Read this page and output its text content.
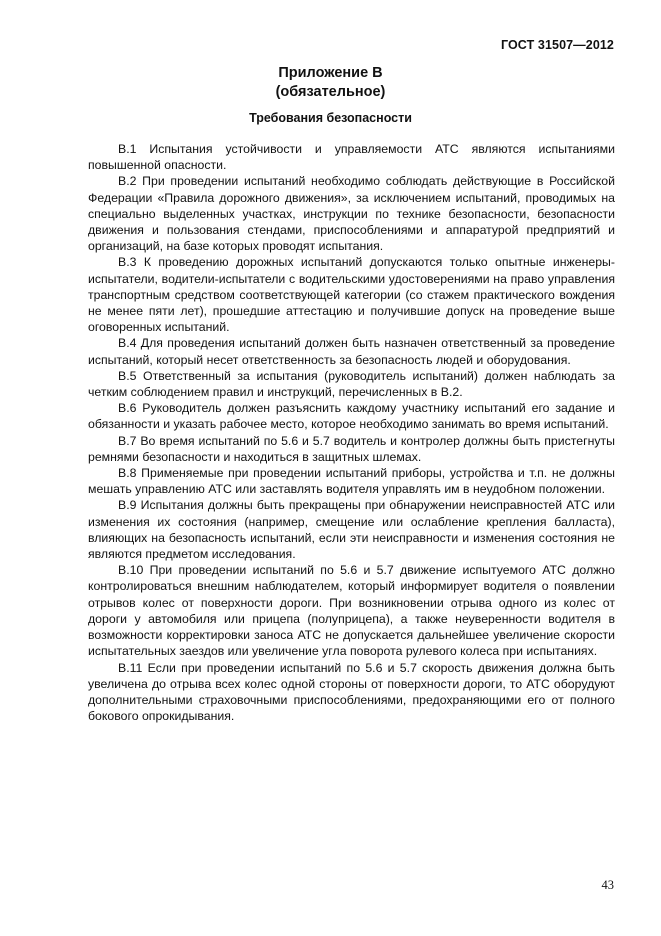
ГОСТ 31507—2012
Приложение В
(обязательное)
Требования безопасности

В.1 Испытания устойчивости и управляемости АТС являются испытаниями повышенной опасности.

В.2 При проведении испытаний необходимо соблюдать действующие в Российской Федерации «Правила дорожного движения», за исключением испытаний, проводимых на специально выделенных участках, инструкции по технике безопасности, безопасности движения и пользования стендами, приспособлениями и аппаратурой предприятий и организаций, на базе которых проводят испытания.

В.3 К проведению дорожных испытаний допускаются только опытные инженеры-испытатели, водители-испытатели с водительскими удостоверениями на право управления транспортным средством соответствующей категории (со стажем практического вождения не менее пяти лет), прошедшие аттестацию и получившие допуск на проведение выше оговоренных испытаний.

В.4 Для проведения испытаний должен быть назначен ответственный за проведение испытаний, который несет ответственность за безопасность людей и оборудования.

В.5 Ответственный за испытания (руководитель испытаний) должен наблюдать за четким соблюдением правил и инструкций, перечисленных в В.2.

В.6 Руководитель должен разъяснить каждому участнику испытаний его задание и обязанности и указать рабочее место, которое необходимо занимать во время испытаний.

В.7 Во время испытаний по 5.6 и 5.7 водитель и контролер должны быть пристегнуты ремнями безопасности и находиться в защитных шлемах.

В.8 Применяемые при проведении испытаний приборы, устройства и т.п. не должны мешать управлению АТС или заставлять водителя управлять им в неудобном положении.

В.9 Испытания должны быть прекращены при обнаружении неисправностей АТС или изменения их состояния (например, смещение или ослабление крепления балласта), влияющих на безопасность испытаний, если эти неисправности и изменения состояния не являются предметом исследования.

В.10 При проведении испытаний по 5.6 и 5.7 движение испытуемого АТС должно контролироваться внешним наблюдателем, который информирует водителя о появлении отрывов колес от поверхности дороги. При возникновении отрыва одного из колес от дороги у автомобиля или прицепа (полуприцепа), а также неуверенности водителя в возможности корректировки заноса АТС не допускается дальнейшее увеличение скорости испытательных заездов или увеличение угла поворота рулевого колеса при испытаниях.

В.11 Если при проведении испытаний по 5.6 и 5.7 скорость движения должна быть увеличена до отрыва всех колес одной стороны от поверхности дороги, то АТС оборудуют дополнительными страховочными приспособлениями, предохраняющими его от полного бокового опрокидывания.

43
